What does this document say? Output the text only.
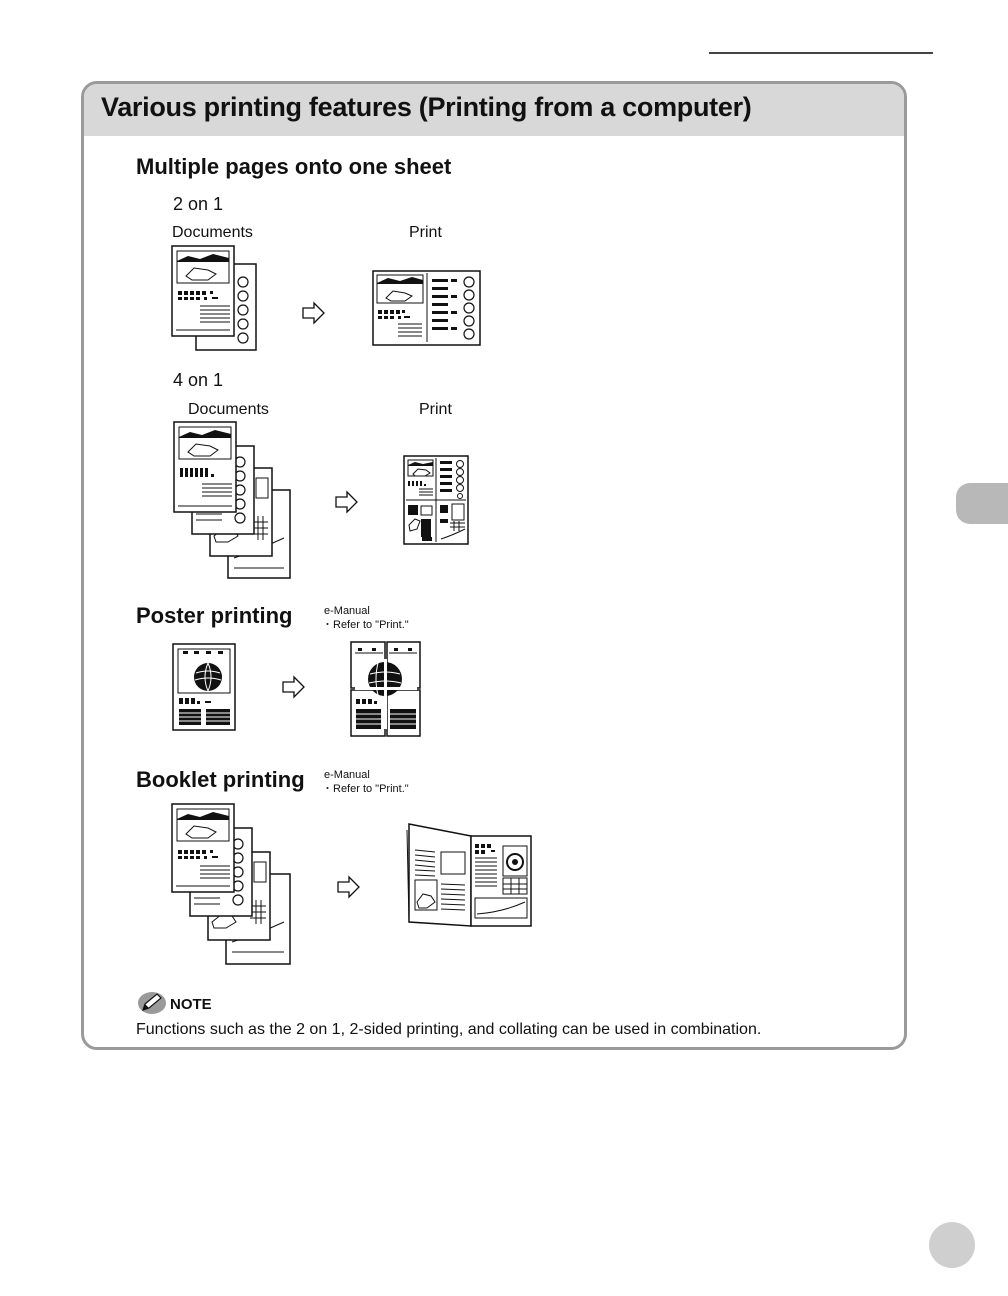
Various printing features (Printing from a computer)
Multiple pages onto one sheet
2 on 1
Documents	Print
4 on 1
Documents	Print
Poster printing	e-Manual
・Refer to "Print."
Booklet printing e-Manual
・Refer to "Print."
NOTE
Functions such as the 2 on 1, 2-sided printing, and collating can be used in combination.
